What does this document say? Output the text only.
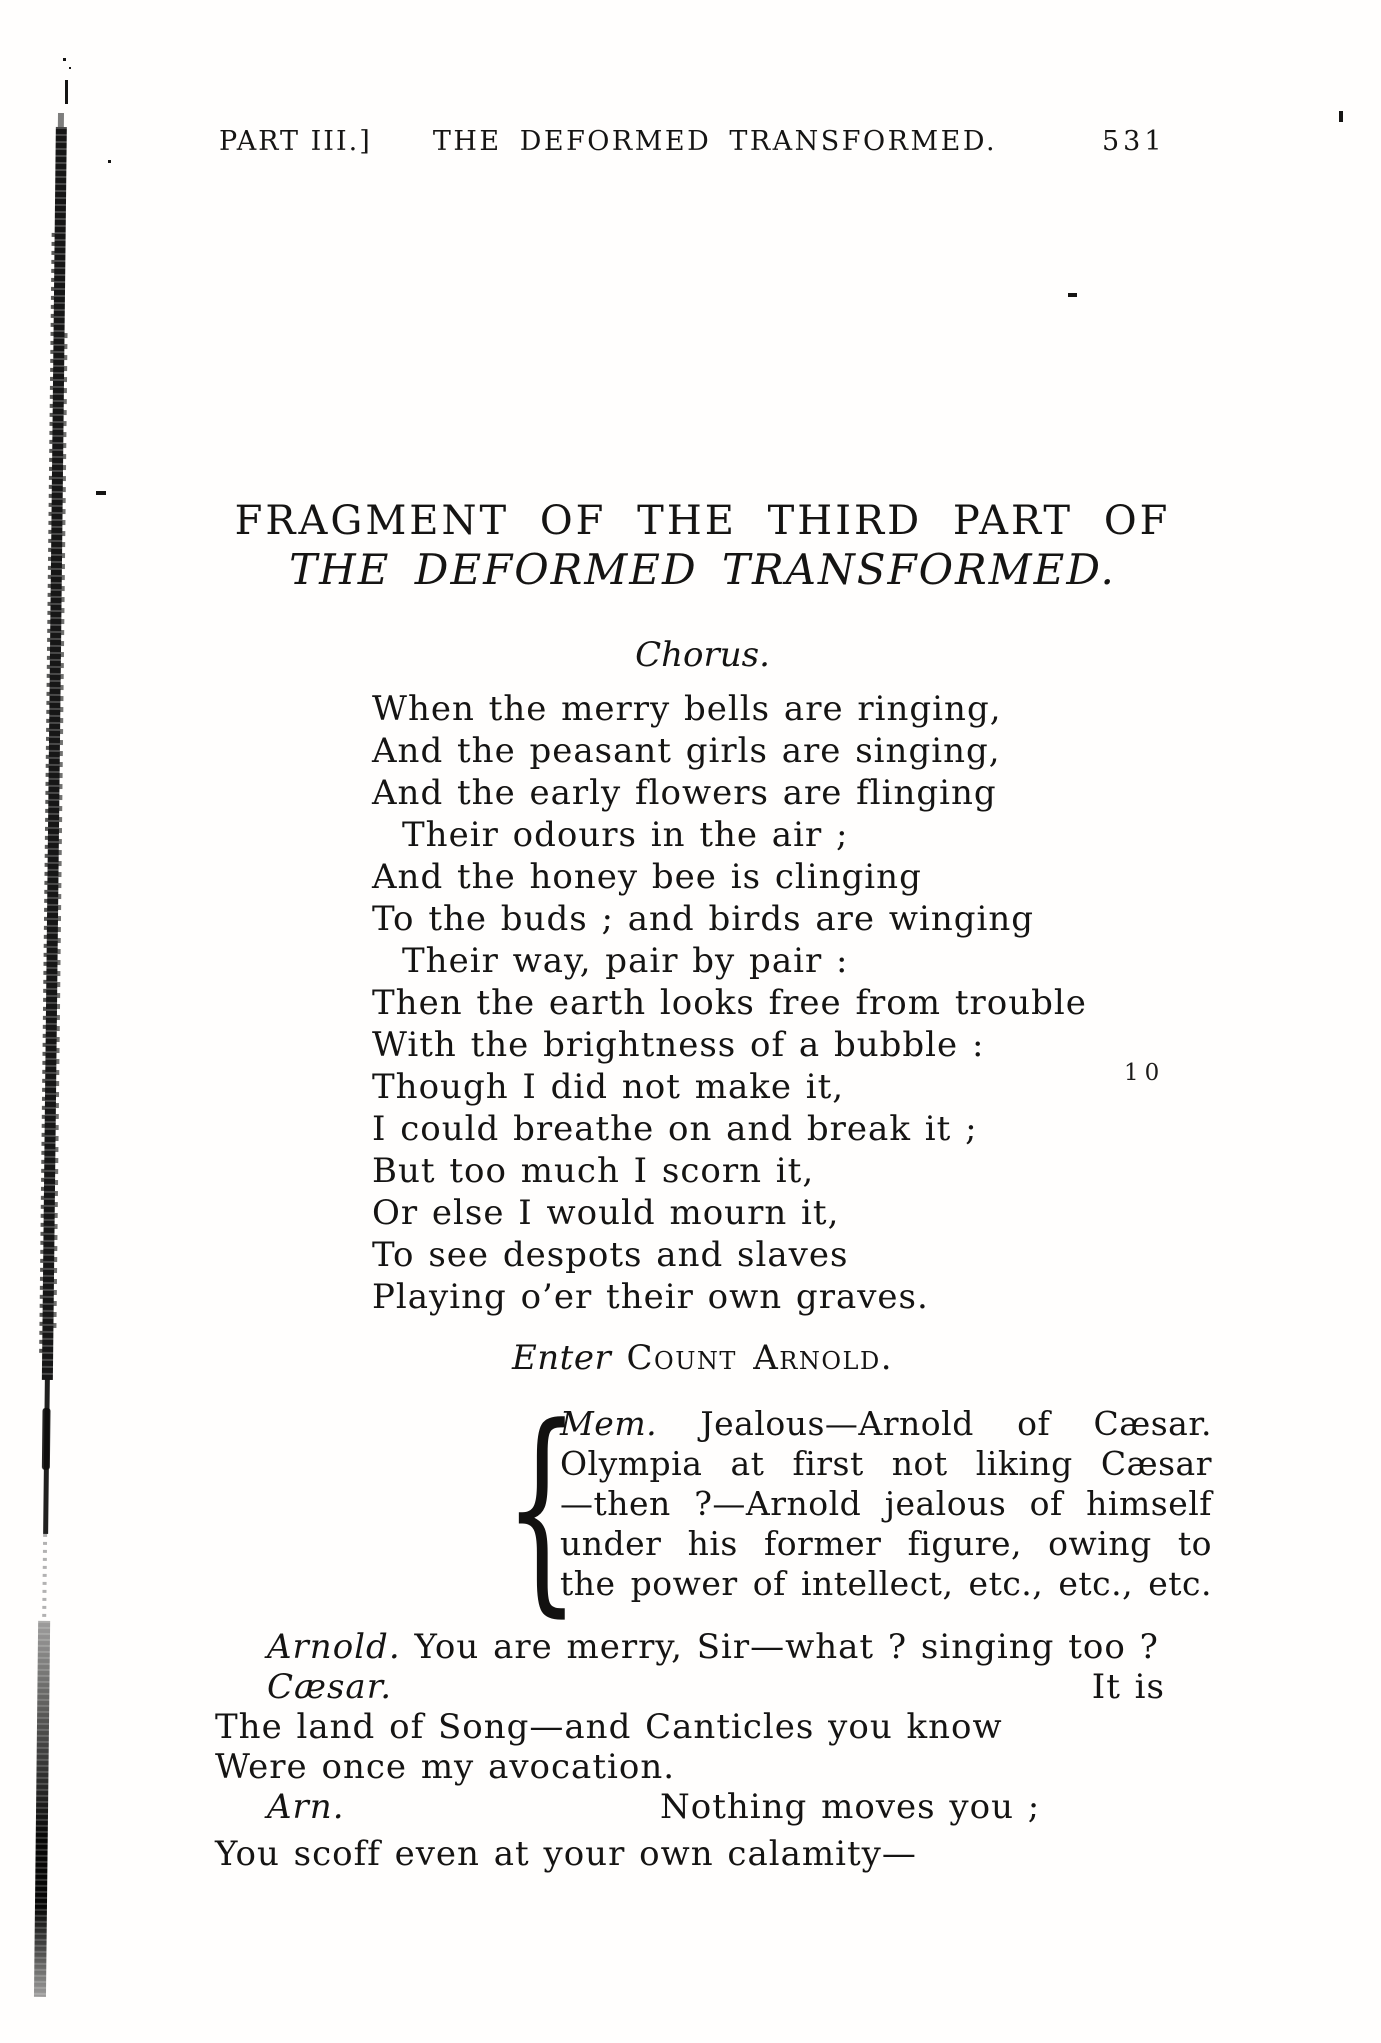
PART III.] THE DEFORMED TRANSFORMED.	531
FRAGMENT OF THE THIRD PART OF
THE DEFORMED TRANSFORMED.
Chorus.
When the merry bells are ringing,
And the peasant girls are singing,
And the early flowers are flinging
Their odours in the air ;
And the honey bee is clinging
To the buds ; and birds are winging
Their way, pair by pair :
Then the earth looks free from trouble
With the brightness of a bubble :
Though I did not make it,
I could breathe on and break it ;
But too much I scorn it,
Or else I would mourn it,
To see despots and slaves
Playing o’er their own graves.
10
Enter Count Arnold.
{
Mem. Jealous—Arnold of Cæsar.
Olympia at first not liking Cæsar
—then ?—Arnold jealous of himself
under his former figure, owing to
the power of intellect, etc., etc., etc.
Arnold. You are merry, Sir—what ? singing too ?
Cæsar.	It is
The land of Song—and Canticles you know
Were once my avocation.
Arn.	Nothing moves you ;
You scoff even at your own calamity—
